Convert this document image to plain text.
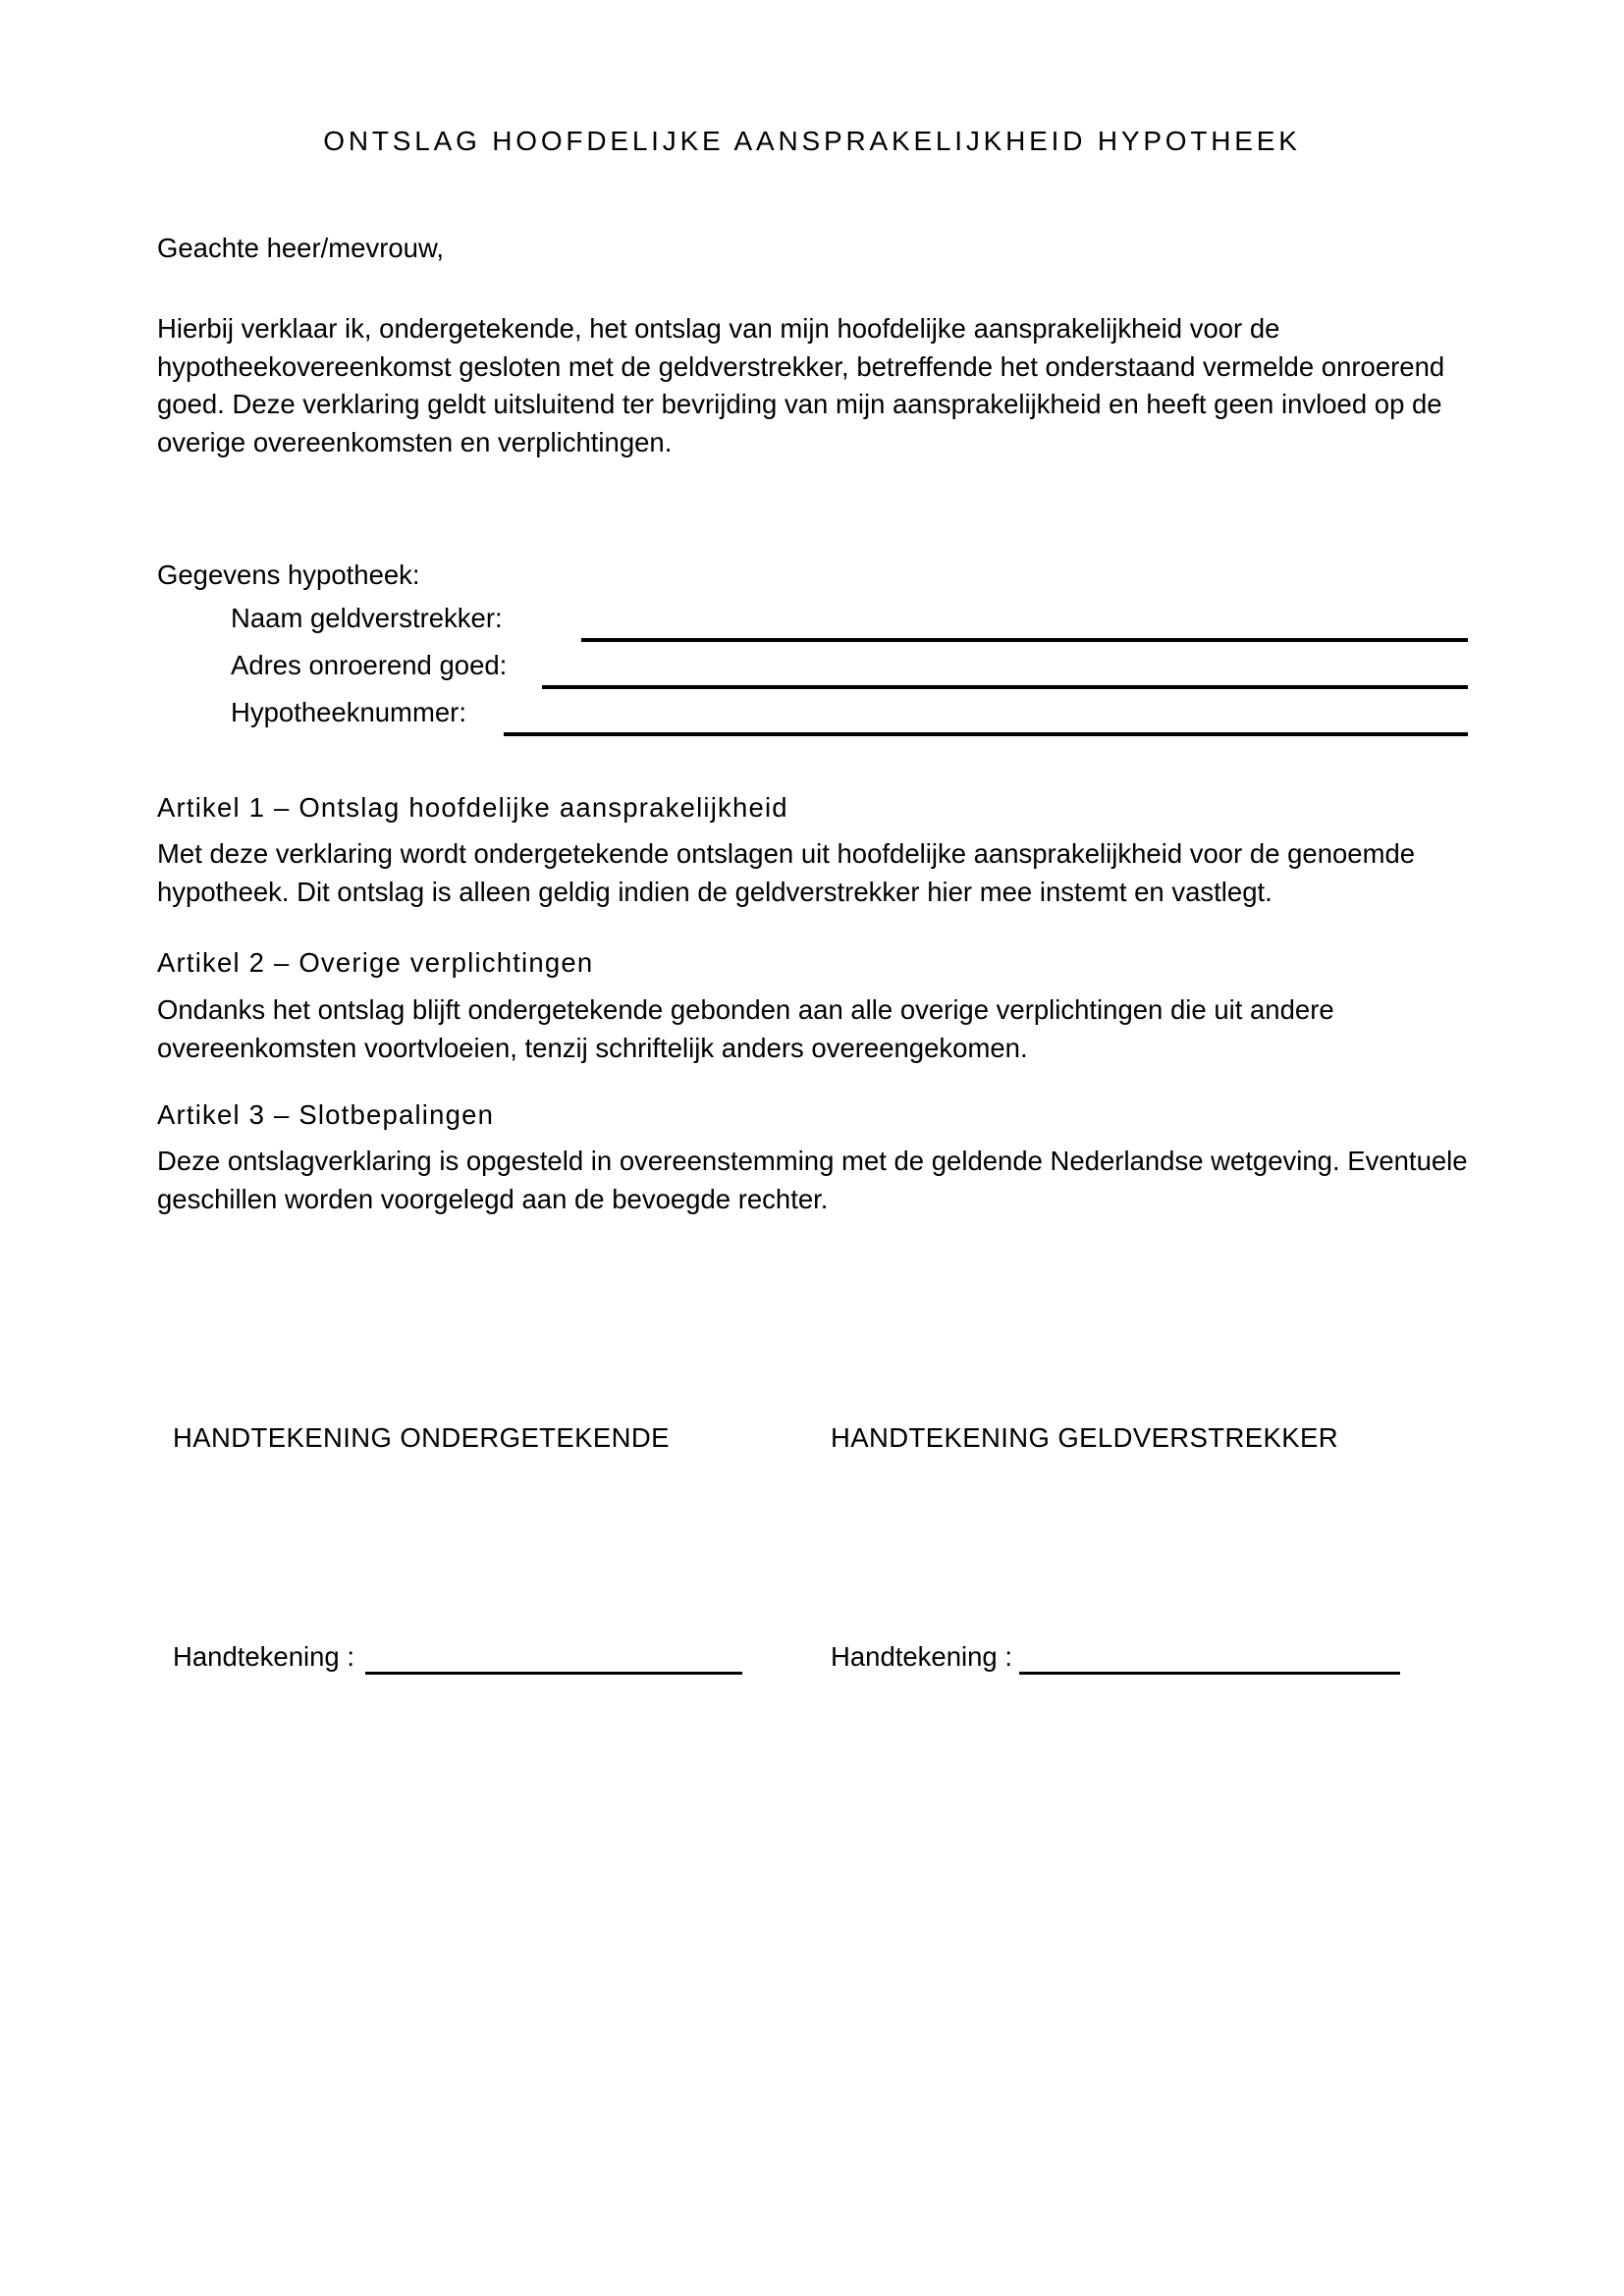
ONTSLAG HOOFDELIJKE AANSPRAKELIJKHEID HYPOTHEEK
Geachte heer/mevrouw,
Hierbij verklaar ik, ondergetekende, het ontslag van mijn hoofdelijke aansprakelijkheid voor de hypotheekovereenkomst gesloten met de geldverstrekker, betreffende het onderstaand vermelde onroerend goed. Deze verklaring geldt uitsluitend ter bevrijding van mijn aansprakelijkheid en heeft geen invloed op de overige overeenkomsten en verplichtingen.
Gegevens hypotheek:
Naam geldverstrekker:
Adres onroerend goed:
Hypotheeknummer:
Artikel 1 – Ontslag hoofdelijke aansprakelijkheid
Met deze verklaring wordt ondergetekende ontslagen uit hoofdelijke aansprakelijkheid voor de genoemde hypotheek. Dit ontslag is alleen geldig indien de geldverstrekker hier mee instemt en vastlegt.
Artikel 2 – Overige verplichtingen
Ondanks het ontslag blijft ondergetekende gebonden aan alle overige verplichtingen die uit andere overeenkomsten voortvloeien, tenzij schriftelijk anders overeengekomen.
Artikel 3 – Slotbepalingen
Deze ontslagverklaring is opgesteld in overeenstemming met de geldende Nederlandse wetgeving. Eventuele geschillen worden voorgelegd aan de bevoegde rechter.
HANDTEKENING ONDERGETEKENDE	HANDTEKENING GELDVERSTREKKER
Handtekening :	Handtekening :
